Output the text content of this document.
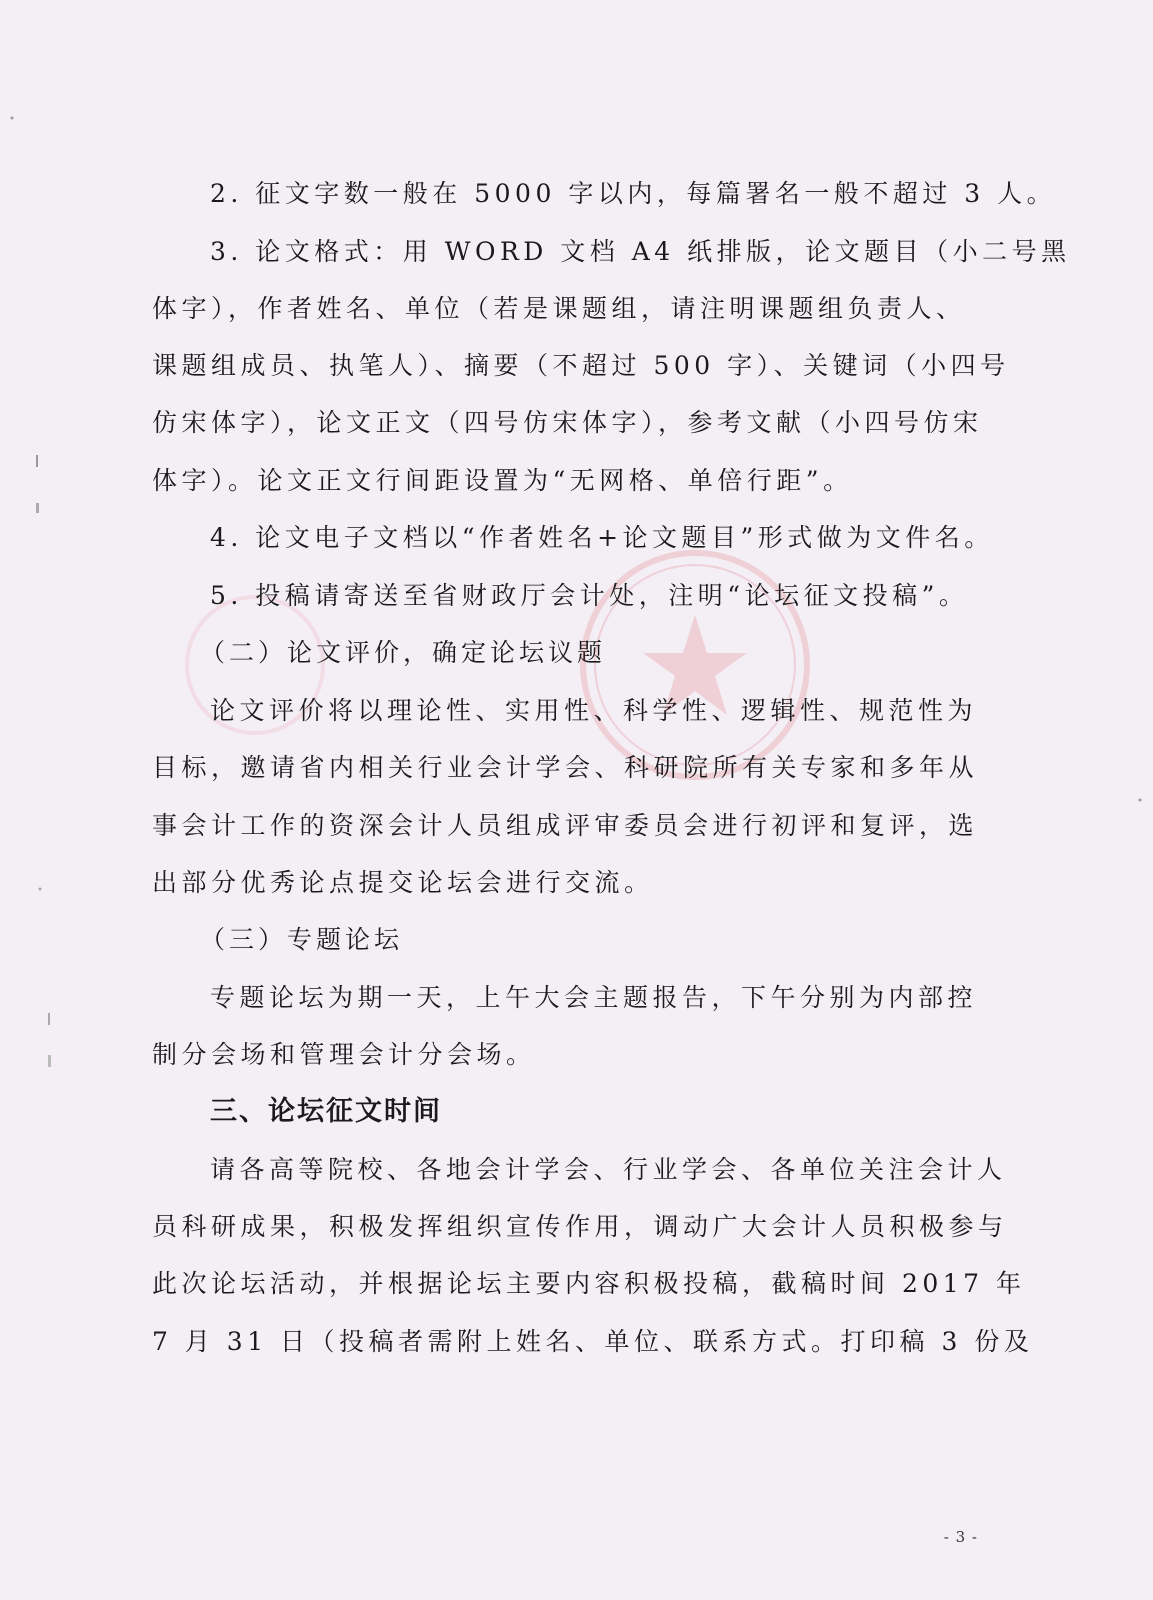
2. 征文字数一般在 5000 字以内，每篇署名一般不超过 3 人。
3. 论文格式：用 WORD 文档 A4 纸排版，论文题目（小二号黑
体字），作者姓名、单位（若是课题组，请注明课题组负责人、
课题组成员、执笔人）、摘要（不超过 500 字）、关键词（小四号
仿宋体字），论文正文（四号仿宋体字），参考文献（小四号仿宋
体字）。论文正文行间距设置为“无网格、单倍行距”。
4. 论文电子文档以“作者姓名+论文题目”形式做为文件名。
5. 投稿请寄送至省财政厅会计处，注明“论坛征文投稿”。
（二）论文评价，确定论坛议题
论文评价将以理论性、实用性、科学性、逻辑性、规范性为
目标，邀请省内相关行业会计学会、科研院所有关专家和多年从
事会计工作的资深会计人员组成评审委员会进行初评和复评，选
出部分优秀论点提交论坛会进行交流。
（三）专题论坛
专题论坛为期一天，上午大会主题报告，下午分别为内部控
制分会场和管理会计分会场。
三、论坛征文时间
请各高等院校、各地会计学会、行业学会、各单位关注会计人
员科研成果，积极发挥组织宣传作用，调动广大会计人员积极参与
此次论坛活动，并根据论坛主要内容积极投稿，截稿时间 2017 年
7 月 31 日（投稿者需附上姓名、单位、联系方式。打印稿 3 份及
- 3 -
